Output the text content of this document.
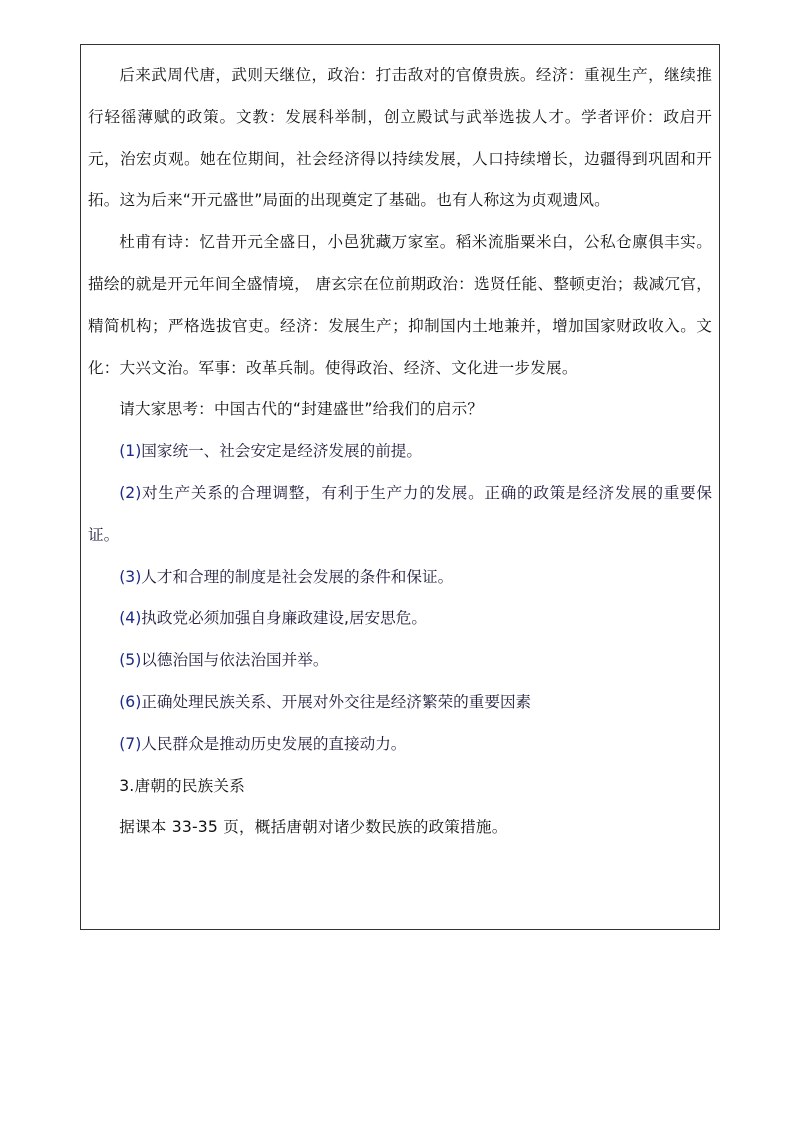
后来武周代唐，武则天继位，政治：打击敌对的官僚贵族。经济：重视生产，继续推行轻徭薄赋的政策。文教：发展科举制，创立殿试与武举选拔人才。学者评价：政启开元，治宏贞观。她在位期间，社会经济得以持续发展，人口持续增长，边疆得到巩固和开拓。这为后来“开元盛世”局面的出现奠定了基础。也有人称这为贞观遗风。

杜甫有诗：忆昔开元全盛日，小邑犹藏万家室。稻米流脂粟米白，公私仓廪俱丰实。描绘的就是开元年间全盛情境， 唐玄宗在位前期政治：选贤任能、整顿吏治；裁减冗官，精简机构；严格选拔官吏。经济：发展生产；抑制国内土地兼并，增加国家财政收入。文化：大兴文治。军事：改革兵制。使得政治、经济、文化进一步发展。

请大家思考：中国古代的“封建盛世”给我们的启示？

(1)国家统一、社会安定是经济发展的前提。

(2)对生产关系的合理调整，有利于生产力的发展。正确的政策是经济发展的重要保证。

(3)人才和合理的制度是社会发展的条件和保证。

(4)执政党必须加强自身廉政建设,居安思危。

(5)以德治国与依法治国并举。

(6)正确处理民族关系、开展对外交往是经济繁荣的重要因素

(7)人民群众是推动历史发展的直接动力。

3.唐朝的民族关系

据课本 33-35 页，概括唐朝对诸少数民族的政策措施。
